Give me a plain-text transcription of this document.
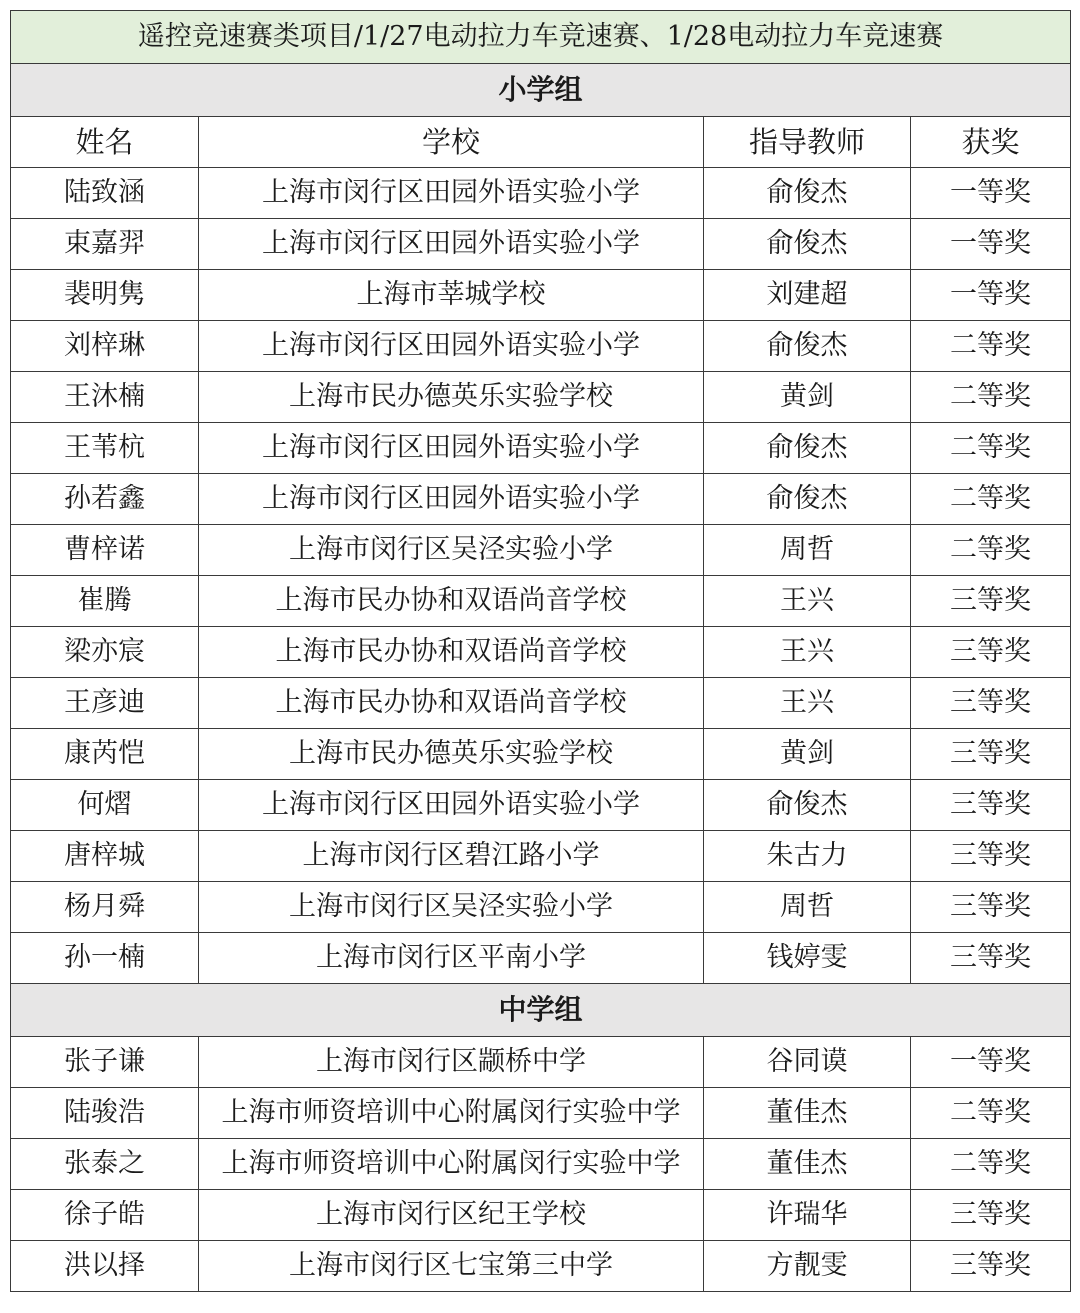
遥控竞速赛类项目/1/27电动拉力车竞速赛、1/28电动拉力车竞速赛			
小学组			
姓名	学校	指导教师	获奖
陆致涵	上海市闵行区田园外语实验小学	俞俊杰	一等奖
束嘉羿	上海市闵行区田园外语实验小学	俞俊杰	一等奖
裴明隽	上海市莘城学校	刘建超	一等奖
刘梓琳	上海市闵行区田园外语实验小学	俞俊杰	二等奖
王沐楠	上海市民办德英乐实验学校	黄剑	二等奖
王苇杭	上海市闵行区田园外语实验小学	俞俊杰	二等奖
孙若鑫	上海市闵行区田园外语实验小学	俞俊杰	二等奖
曹梓诺	上海市闵行区吴泾实验小学	周哲	二等奖
崔腾	上海市民办协和双语尚音学校	王兴	三等奖
梁亦宸	上海市民办协和双语尚音学校	王兴	三等奖
王彦迪	上海市民办协和双语尚音学校	王兴	三等奖
康芮恺	上海市民办德英乐实验学校	黄剑	三等奖
何熠	上海市闵行区田园外语实验小学	俞俊杰	三等奖
唐梓城	上海市闵行区碧江路小学	朱古力	三等奖
杨月舜	上海市闵行区吴泾实验小学	周哲	三等奖
孙一楠	上海市闵行区平南小学	钱婷雯	三等奖
中学组			
张子谦	上海市闵行区颛桥中学	谷同谟	一等奖
陆骏浩	上海市师资培训中心附属闵行实验中学	董佳杰	二等奖
张泰之	上海市师资培训中心附属闵行实验中学	董佳杰	二等奖
徐子皓	上海市闵行区纪王学校	许瑞华	三等奖
洪以择	上海市闵行区七宝第三中学	方靓雯	三等奖
